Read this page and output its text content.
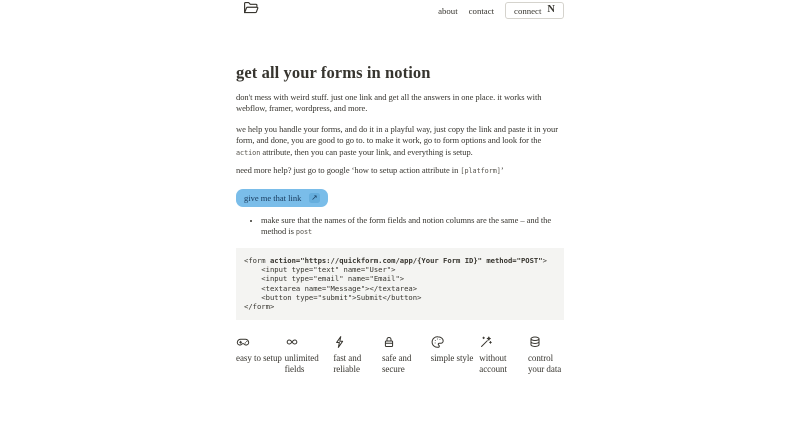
about contact connect N
get all your forms in notion

don't mess with weird stuff. just one link and get all the answers in one place. it works with webflow, framer, wordpress, and more.

we help you handle your forms, and do it in a playful way, just copy the link and paste it in your form, and done, you are good to go to. to make it work, go to form options and look for the action attribute, then you can paste your link, and everything is setup.

need more help? just go to google ‘how to setup action attribute in [platform]’

give me that link ↗
• make sure that the names of the form fields and notion columns are the same – and the method is post
<form action="https://quickform.com/app/{Your Form ID}" method="POST">
<input type="text" name="User">
<input type="email" name="Email">
<textarea name="Message"></textarea>
<button type="submit">Submit</button>
</form>
easy to setup unlimited fields
fast and reliable
safe and secure
simple style without account
control your data
